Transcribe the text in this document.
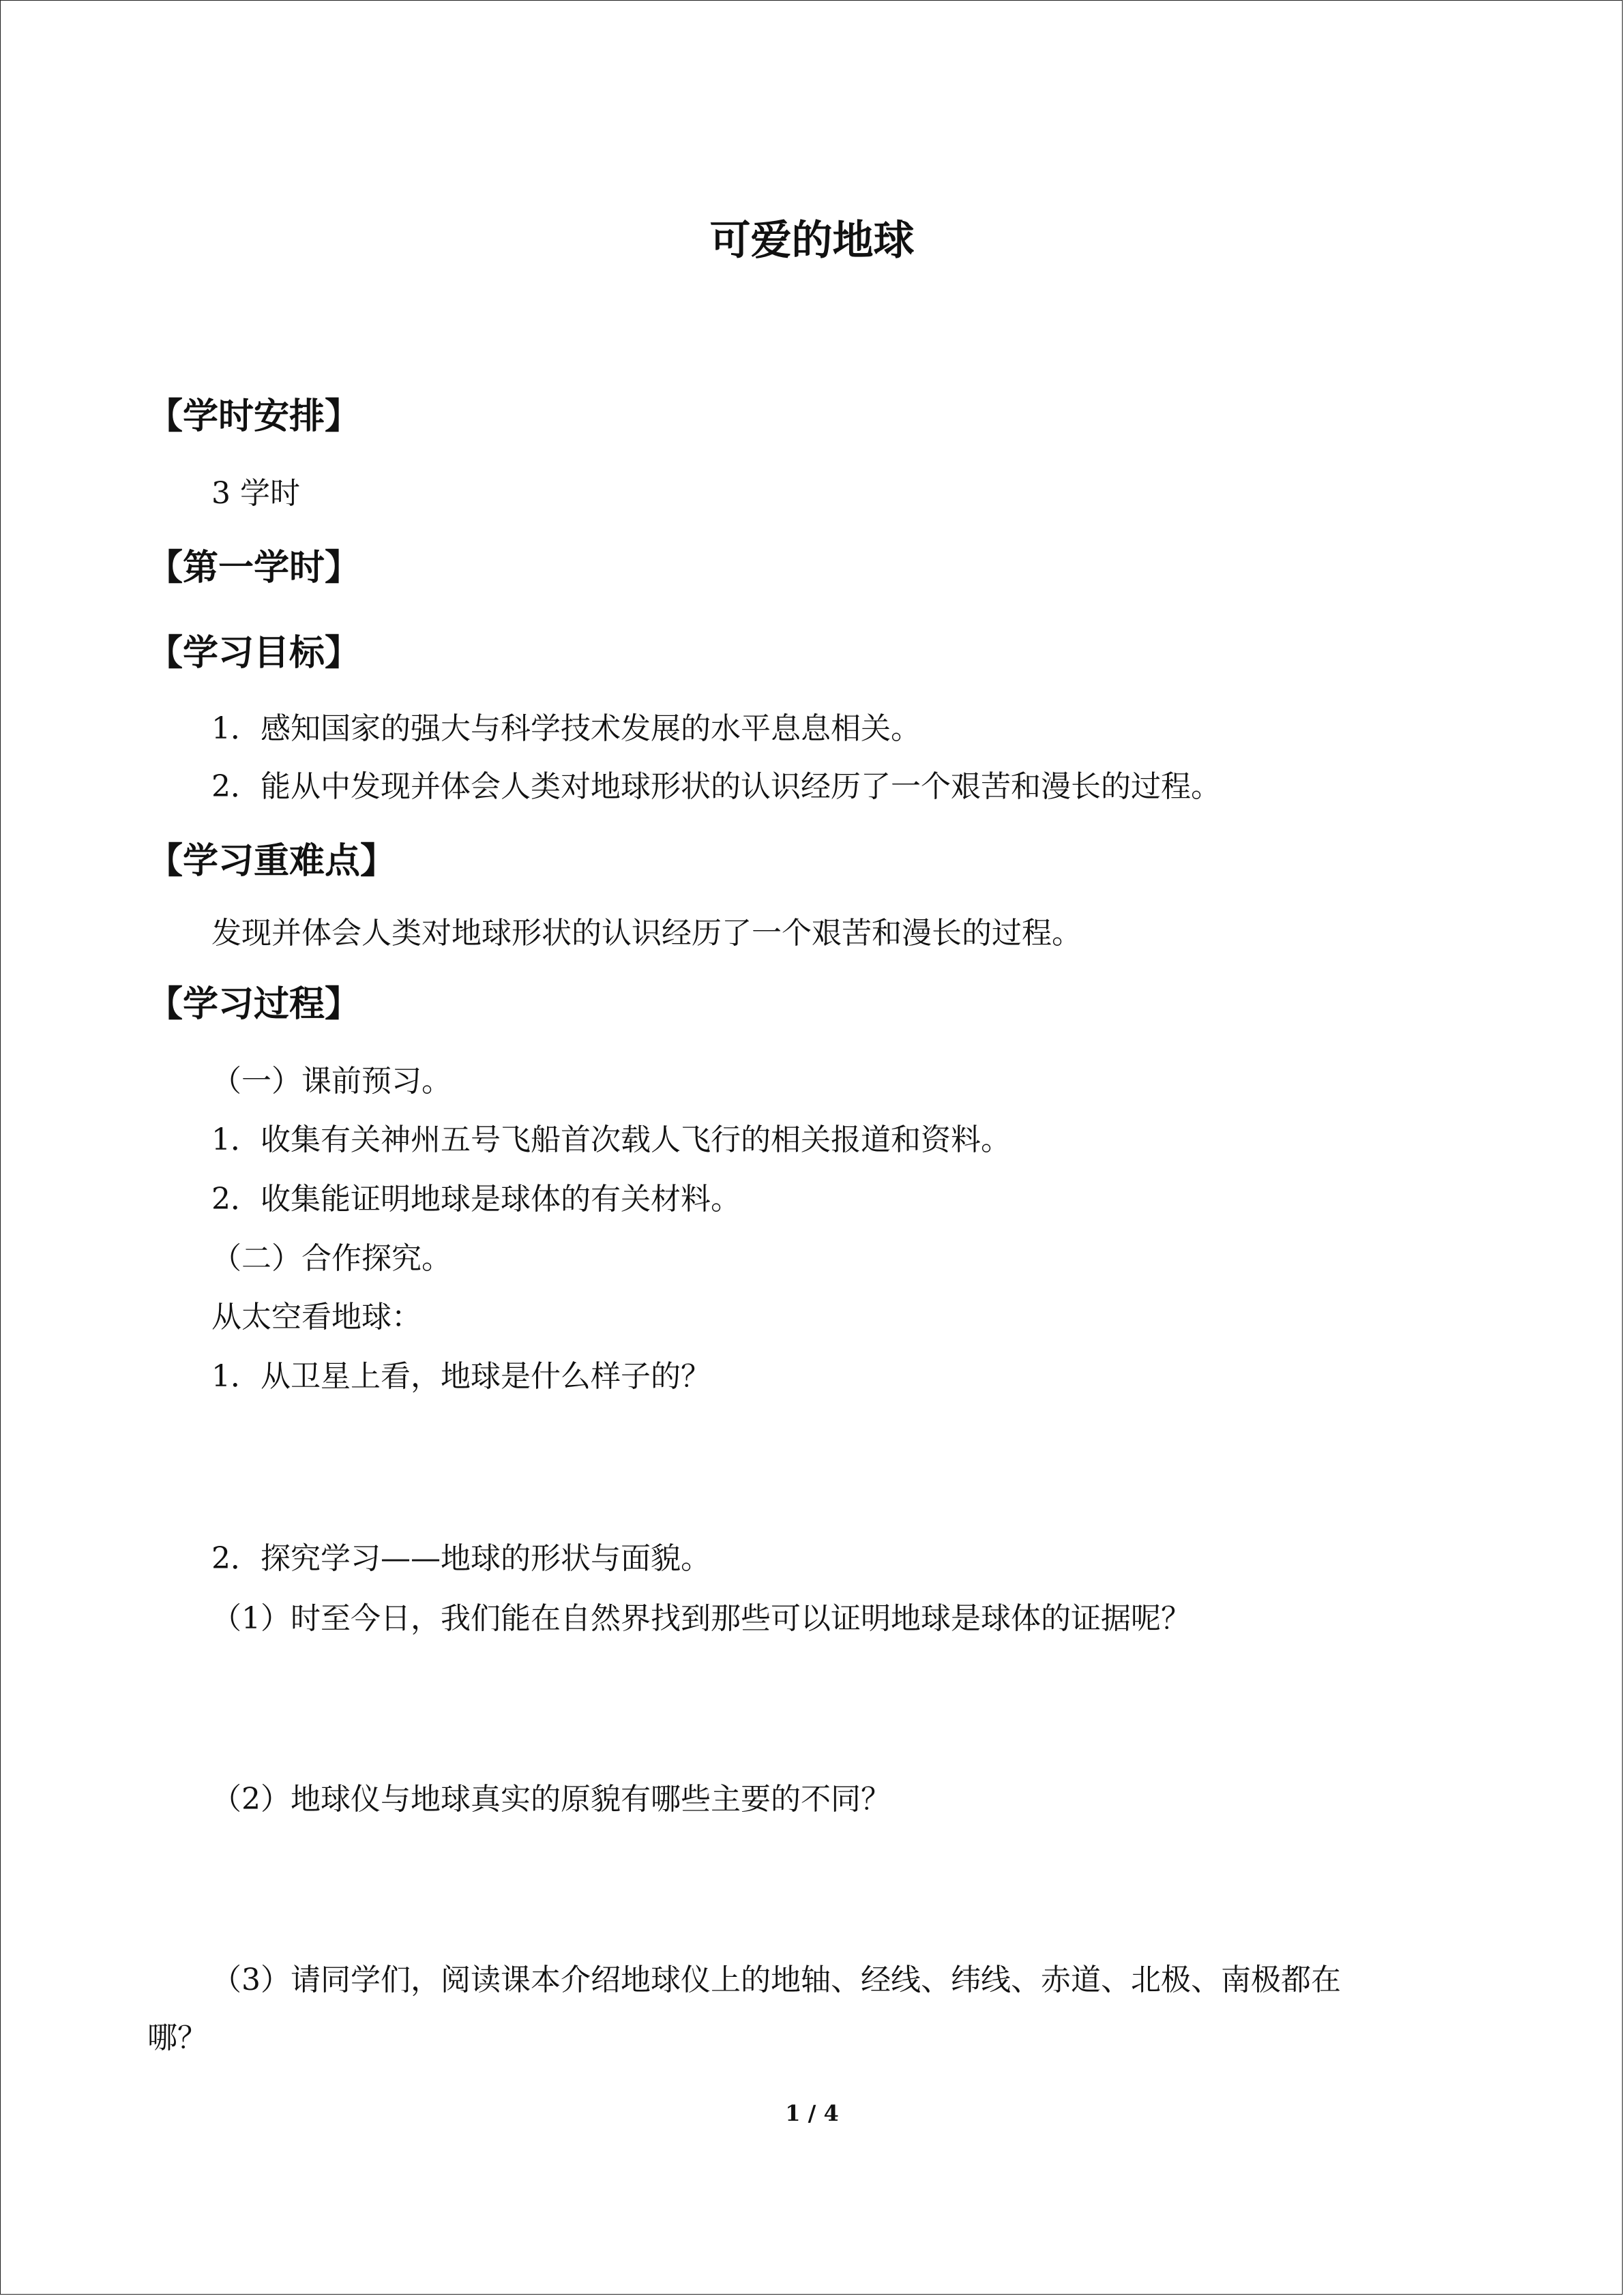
可爱的地球
【学时安排】
3 学时
【第一学时】
【学习目标】
1．感知国家的强大与科学技术发展的水平息息相关。
2．能从中发现并体会人类对地球形状的认识经历了一个艰苦和漫长的过程。
【学习重难点】
发现并体会人类对地球形状的认识经历了一个艰苦和漫长的过程。
【学习过程】
（一）课前预习。
1．收集有关神州五号飞船首次载人飞行的相关报道和资料。
2．收集能证明地球是球体的有关材料。
（二）合作探究。
从太空看地球：
1．从卫星上看，地球是什么样子的？
2．探究学习——地球的形状与面貌。
（1）时至今日，我们能在自然界找到那些可以证明地球是球体的证据呢？
（2）地球仪与地球真实的原貌有哪些主要的不同？
（3）请同学们，阅读课本介绍地球仪上的地轴、经线、纬线、赤道、北极、南极都在
哪？
1 / 4
